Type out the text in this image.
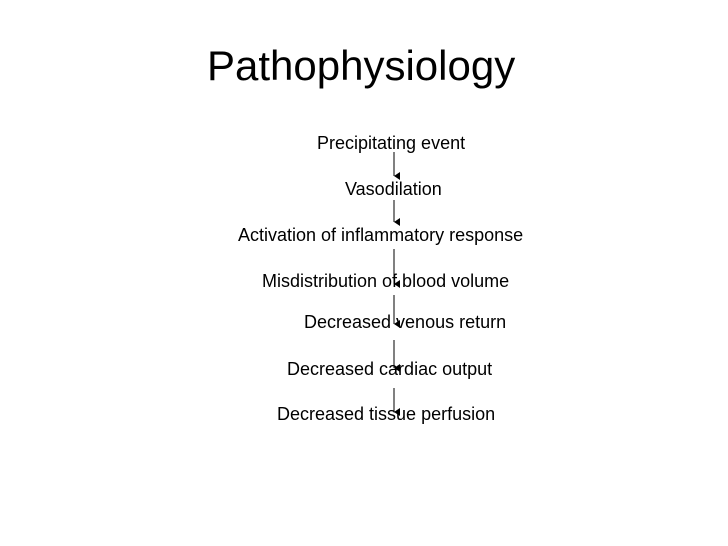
Pathophysiology
Precipitating event
Vasodilation
Activation of inflammatory response
Misdistribution of blood volume
Decreased venous return
Decreased cardiac output
Decreased tissue perfusion
